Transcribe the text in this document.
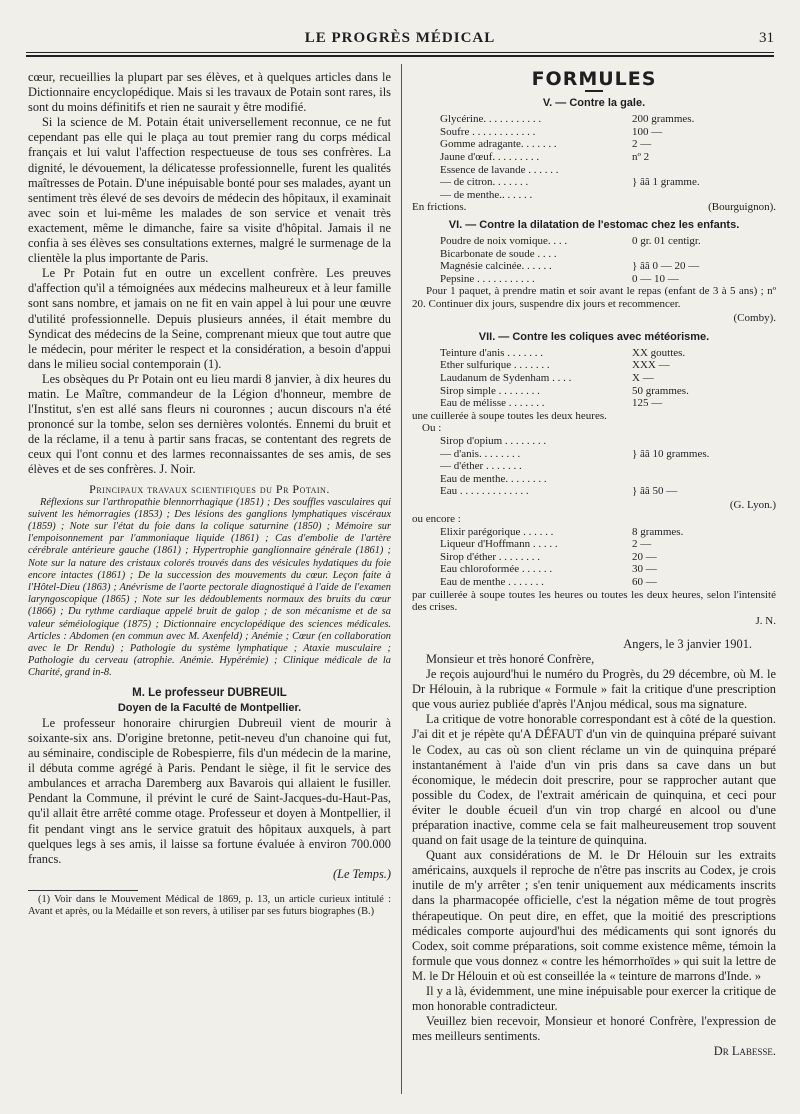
LE PROGRÈS MÉDICAL	31

cœur, recueillies la plupart par ses élèves, et à quelques articles dans le Dictionnaire encyclopédique. Mais si les travaux de Potain sont rares, ils sont du moins définitifs et rien ne saurait y être modifié.

Si la science de M. Potain était universellement reconnue, ce ne fut cependant pas elle qui le plaça au tout premier rang du corps médical français et lui valut l'affection respectueuse de tous ses confrères. La dignité, le dévouement, la délicatesse professionnelle, furent les qualités maîtresses de Potain. D'une inépuisable bonté pour ses malades, ayant un sentiment très élevé de ses devoirs de médecin des hôpitaux, il examinait avec soin et lui-même les malades de son service et venait très exactement, même le dimanche, faire sa visite d'hôpital. Jamais il ne confia à ses élèves ses consultations externes, malgré le surmenage de la clientèle la plus importante de Paris.

Le Pr Potain fut en outre un excellent confrère. Les preuves d'affection qu'il a témoignées aux médecins malheureux et à leur famille sont sans nombre, et jamais on ne fit en vain appel à lui pour une œuvre d'utilité professionnelle. Depuis plusieurs années, il était membre du Syndicat des médecins de la Seine, comprenant mieux que tout autre que le médecin, pour mériter le respect et la considération, a besoin d'appui dans le milieu social contemporain (1).

Les obsèques du Pr Potain ont eu lieu mardi 8 janvier, à dix heures du matin. Le Maître, commandeur de la Légion d'honneur, membre de l'Institut, s'en est allé sans fleurs ni couronnes ; aucun discours n'a été prononcé sur la tombe, selon ses dernières volontés. Ennemi du bruit et de la réclame, il a tenu à partir sans fracas, se contentant des regrets de ceux qui l'ont connu et des larmes reconnaissantes de ses amis, de ses élèves et de ses confrères. J. Noir.

Principaux travaux scientifiques du Pr Potain.

Réflexions sur l'arthropathie blennorrhagique (1851) ; Des souffles vasculaires qui suivent les hémorragies (1853) ; Des lésions des ganglions lymphatiques viscéraux (1859) ; Note sur l'état du foie dans la colique saturnine (1850) ; Mémoire sur l'empoisonnement par l'ammoniaque liquide (1861) ; Cas d'embolie de l'artère cérébrale antérieure gauche (1861) ; Hypertrophie ganglionnaire générale (1861) ; Note sur la nature des cristaux colorés trouvés dans des vésicules hydatiques du foie encore intactes (1861) ; De la succession des mouvements du cœur. Leçon faite à l'Hôtel-Dieu (1863) ; Anévrisme de l'aorte pectorale diagnostiqué à l'aide de l'examen laryngoscopique (1865) ; Note sur les dédoublements normaux des bruits du cœur (1866) ; Du rythme cardiaque appelé bruit de galop ; de son mécanisme et de sa valeur séméiologique (1875) ; Dictionnaire encyclopédique des sciences médicales. Articles : Abdomen (en commun avec M. Axenfeld) ; Anémie ; Cœur (en collaboration avec le Dr Rendu) ; Pathologie du système lymphatique ; Ataxie musculaire ; Pathologie du cerveau (atrophie. Anémie. Hypérémie) ; Clinique médicale de la Charité, grand in-8.

M. Le professeur DUBREUIL
Doyen de la Faculté de Montpellier.

Le professeur honoraire chirurgien Dubreuil vient de mourir à soixante-six ans. D'origine bretonne, petit-neveu d'un chanoine qui fut, au séminaire, condisciple de Robespierre, fils d'un médecin de la marine, il débuta comme agrégé à Paris. Pendant le siège, il fit le service des ambulances et arracha Daremberg aux Bavarois qui allaient le fusiller. Pendant la Commune, il prévint le curé de Saint-Jacques-du-Haut-Pas, qu'il allait être arrêté comme otage. Professeur et doyen à Montpellier, il fit pendant vingt ans le service gratuit des hôpitaux auxquels, à part quelques legs à ses amis, il laisse sa fortune évaluée à environ 700.000 francs.

(Le Temps.)

(1) Voir dans le Mouvement Médical de 1869, p. 13, un article curieux intitulé : Avant et après, ou la Médaille et son revers, à utiliser par ses futurs biographes (B.)

FORMULES
V. — Contre la gale.
Glycérine. . . . . . . . . . .	200 grammes.
Soufre . . . . . . . . . . . .	100 —
Gomme adragante. . . . . . .	2 —
Jaune d'œuf. . . . . . . . .	nº 2
Essence de lavande . . . . . .
— de citron. . . . . . .	} ââ 1 gramme.
— de menthe.. . . . . .
En frictions.	(Bourguignon).
VI. — Contre la dilatation de l'estomac chez les enfants.
Poudre de noix vomique. . . .	0 gr. 01 centigr.
Bicarbonate de soude . . . .
Magnésie calcinée. . . . . .	} ââ 0 — 20 —
Pepsine . . . . . . . . . . .	0 — 10 —

Pour 1 paquet, à prendre matin et soir avant le repas (enfant de 3 à 5 ans) ; nº 20. Continuer dix jours, suspendre dix jours et recommencer.

(Comby).
VII. — Contre les coliques avec météorisme.
Teinture d'anis . . . . . . .	XX gouttes.
Ether sulfurique . . . . . . .	XXX —
Laudanum de Sydenham . . . .	X —
Sirop simple . . . . . . . .	50 grammes.
Eau de mélisse . . . . . . .	125 —

une cuillerée à soupe toutes les deux heures.

Ou :

Sirop d'opium . . . . . . . .
— d'anis. . . . . . . .	} ââ 10 grammes.
— d'éther . . . . . . .
Eau de menthe. . . . . . . .
Eau . . . . . . . . . . . . .	} ââ 50 —
(G. Lyon.)

ou encore :

Elixir parégorique . . . . . .	8 grammes.
Liqueur d'Hoffmann . . . . .	2 —
Sirop d'éther . . . . . . . .	20 —
Eau chloroformée . . . . . .	30 —
Eau de menthe . . . . . . .	60 —

par cuillerée à soupe toutes les heures ou toutes les deux heures, selon l'intensité des crises.

J. N.
Angers, le 3 janvier 1901.

Monsieur et très honoré Confrère,

Je reçois aujourd'hui le numéro du Progrès, du 29 décembre, où M. le Dr Hélouin, à la rubrique « Formule » fait la critique d'une prescription que vous auriez publiée d'après l'Anjou médical, sous ma signature.

La critique de votre honorable correspondant est à côté de la question. J'ai dit et je répète qu'A DÉFAUT d'un vin de quinquina préparé suivant le Codex, au cas où son client réclame un vin de quinquina préparé instantanément à l'aide d'un vin pris dans sa cave dans un but économique, le médecin doit prescrire, pour se rapprocher autant que possible du Codex, de l'extrait américain de quinquina, et ceci pour éviter le double écueil d'un vin trop chargé en alcool ou d'une préparation inactive, comme cela se fait malheureusement trop souvent quand on fait usage de la teinture de quinquina.

Quant aux considérations de M. le Dr Hélouin sur les extraits américains, auxquels il reproche de n'être pas inscrits au Codex, je crois inutile de m'y arrêter ; s'en tenir uniquement aux médicaments inscrits dans la pharmacopée officielle, c'est la négation même de tout progrès thérapeutique. On peut dire, en effet, que la moitié des prescriptions médicales comporte aujourd'hui des médicaments qui sont ignorés du Codex, soit comme préparations, soit comme existence même, témoin la formule que vous donnez « contre les hémorrhoïdes » qui suit la lettre de M. le Dr Hélouin et où est conseillée la « teinture de marrons d'Inde. »

Il y a là, évidemment, une mine inépuisable pour exercer la critique de mon honorable contradicteur.

Veuillez bien recevoir, Monsieur et honoré Confrère, l'expression de mes meilleurs sentiments.

Dr Labesse.
